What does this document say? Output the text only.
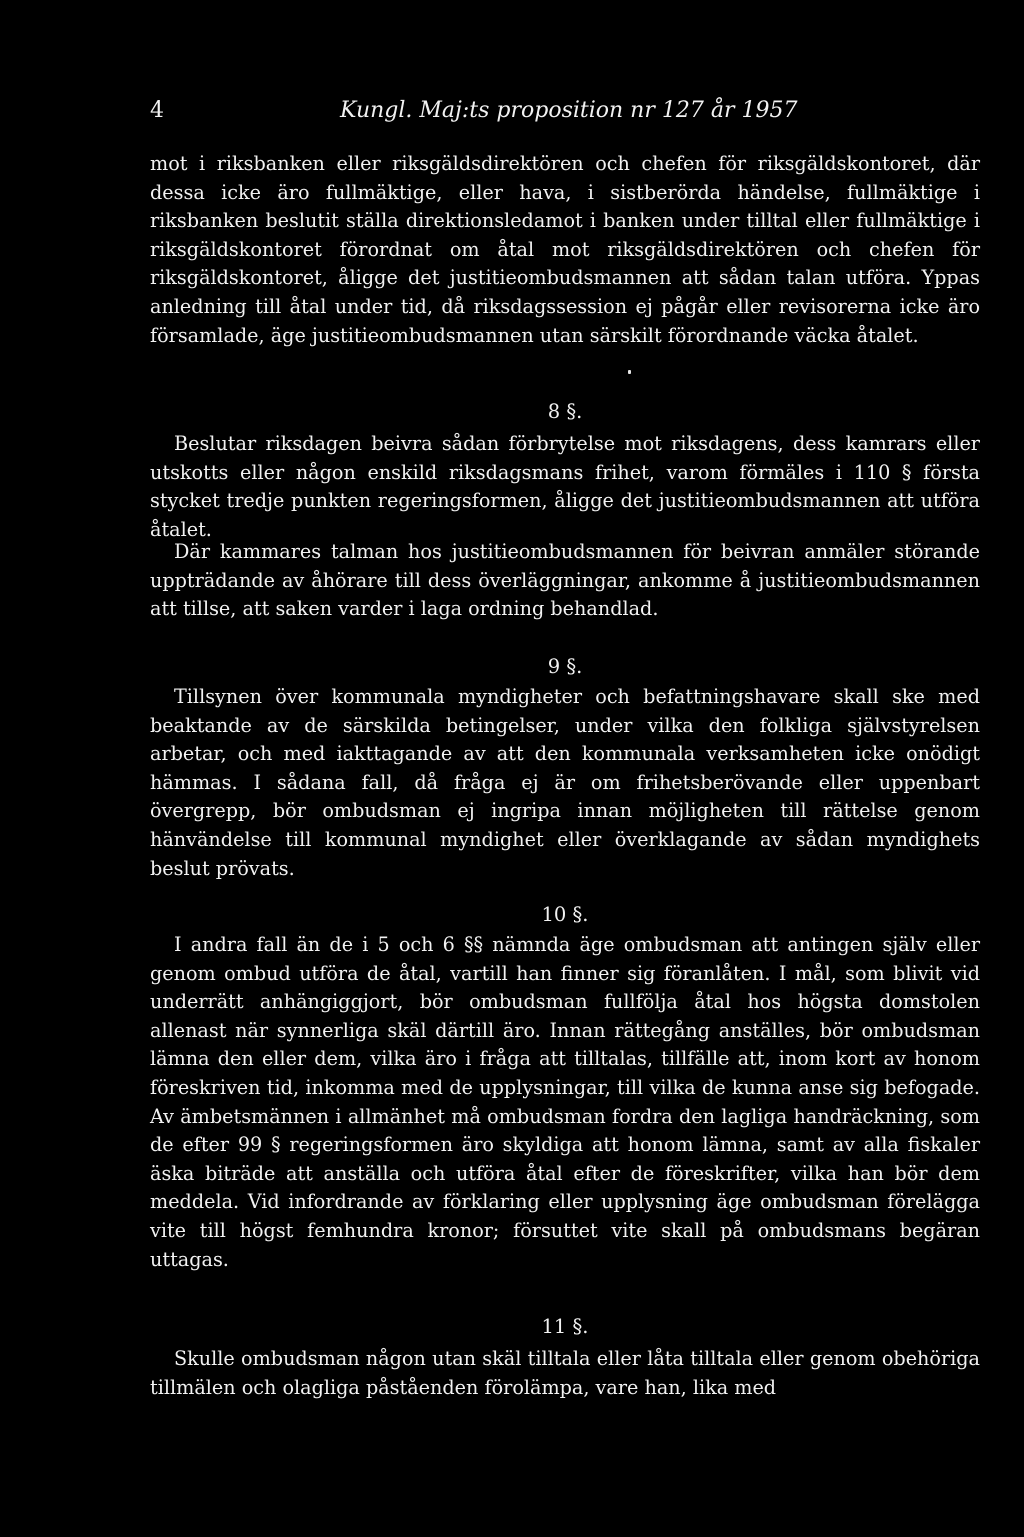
4	Kungl. Maj:ts proposition nr 127 år 1957

mot i riksbanken eller riksgäldsdirektören och chefen för riksgäldskontoret, där dessa icke äro fullmäktige, eller hava, i sistberörda händelse, fullmäktige i riksbanken beslutit ställa direktionsledamot i banken under tilltal eller fullmäktige i riksgäldskontoret förordnat om åtal mot riksgäldsdirektören och chefen för riksgäldskontoret, åligge det justitieombudsmannen att sådan talan utföra. Yppas anledning till åtal under tid, då riksdagssession ej pågår eller revisorerna icke äro församlade, äge justitieombudsmannen utan särskilt förordnande väcka åtalet.

8 §.

Beslutar riksdagen beivra sådan förbrytelse mot riksdagens, dess kamrars eller utskotts eller någon enskild riksdagsmans frihet, varom förmäles i 110 § första stycket tredje punkten regeringsformen, åligge det justitieombudsmannen att utföra åtalet.

Där kammares talman hos justitieombudsmannen för beivran anmäler störande uppträdande av åhörare till dess överläggningar, ankomme å justitieombudsmannen att tillse, att saken varder i laga ordning behandlad.

9 §.

Tillsynen över kommunala myndigheter och befattningshavare skall ske med beaktande av de särskilda betingelser, under vilka den folkliga självstyrelsen arbetar, och med iakttagande av att den kommunala verksamheten icke onödigt hämmas. I sådana fall, då fråga ej är om frihetsberövande eller uppenbart övergrepp, bör ombudsman ej ingripa innan möjligheten till rättelse genom hänvändelse till kommunal myndighet eller överklagande av sådan myndighets beslut prövats.

10 §.

I andra fall än de i 5 och 6 §§ nämnda äge ombudsman att antingen själv eller genom ombud utföra de åtal, vartill han finner sig föranlåten. I mål, som blivit vid underrätt anhängiggjort, bör ombudsman fullfölja åtal hos högsta domstolen allenast när synnerliga skäl därtill äro. Innan rättegång anställes, bör ombudsman lämna den eller dem, vilka äro i fråga att tilltalas, tillfälle att, inom kort av honom föreskriven tid, inkomma med de upplysningar, till vilka de kunna anse sig befogade. Av ämbetsmännen i allmänhet må ombudsman fordra den lagliga handräckning, som de efter 99 § regeringsformen äro skyldiga att honom lämna, samt av alla fiskaler äska biträde att anställa och utföra åtal efter de föreskrifter, vilka han bör dem meddela. Vid infordrande av förklaring eller upplysning äge ombudsman förelägga vite till högst femhundra kronor; försuttet vite skall på ombudsmans begäran uttagas.

11 §.

Skulle ombudsman någon utan skäl tilltala eller låta tilltala eller genom obehöriga tillmälen och olagliga påståenden förolämpa, vare han, lika med
